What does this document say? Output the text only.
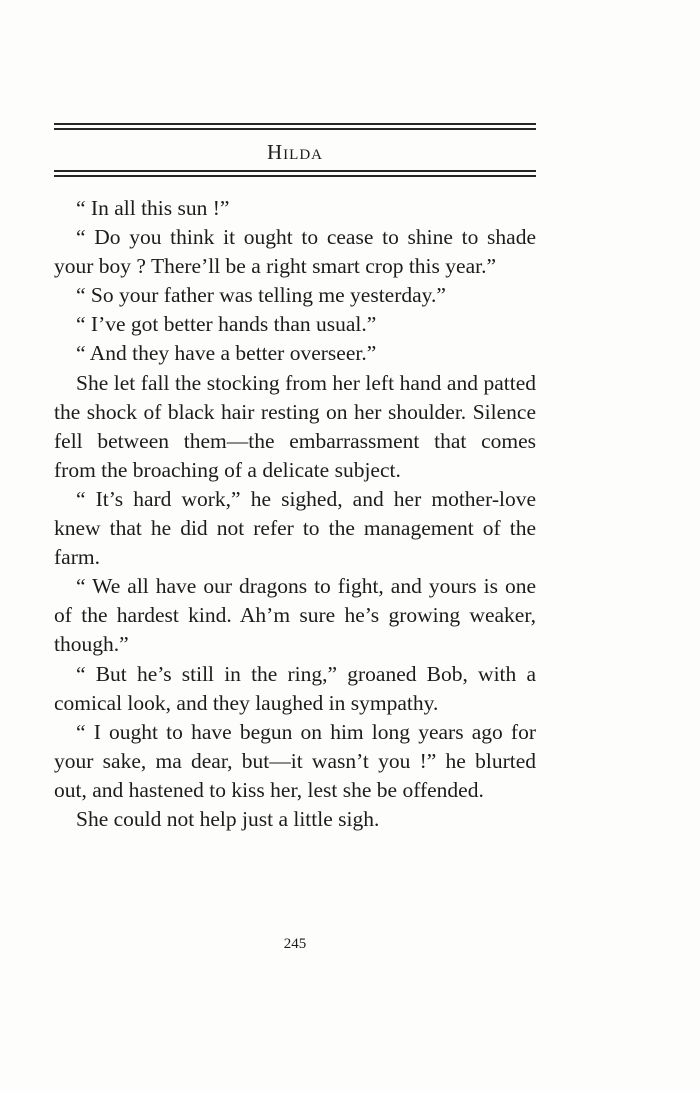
Hilda

“ In all this sun !”

“ Do you think it ought to cease to shine to shade your boy ? There’ll be a right smart crop this year.”

“ So your father was telling me yesterday.”

“ I’ve got better hands than usual.”

“ And they have a better overseer.”

She let fall the stocking from her left hand and patted the shock of black hair resting on her shoulder. Silence fell between them—the embarrassment that comes from the broaching of a delicate subject.

“ It’s hard work,” he sighed, and her mother-love knew that he did not refer to the management of the farm.

“ We all have our dragons to fight, and yours is one of the hardest kind. Ah’m sure he’s growing weaker, though.”

“ But he’s still in the ring,” groaned Bob, with a comical look, and they laughed in sympathy.

“ I ought to have begun on him long years ago for your sake, ma dear, but—it wasn’t you !” he blurted out, and hastened to kiss her, lest she be offended.

She could not help just a little sigh.

245
